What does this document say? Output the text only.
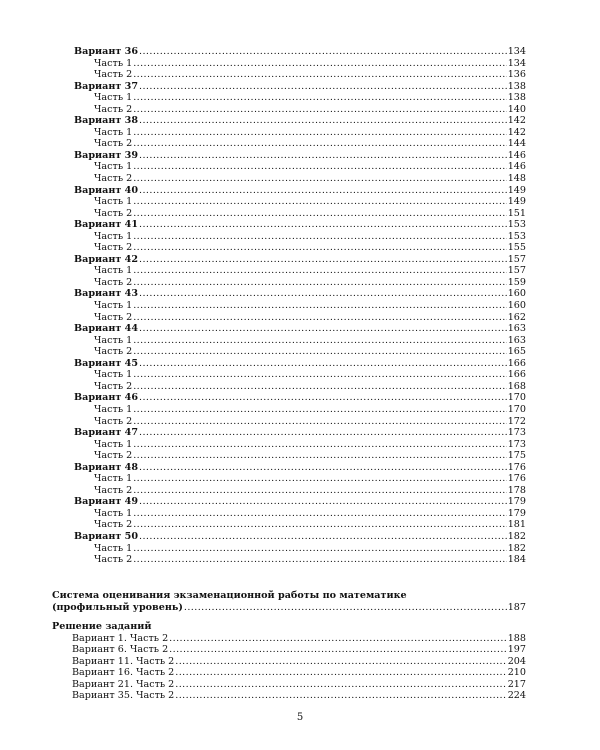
Вариант 36 .....	134
Часть 1 .....	134
Часть 2 .....	136
Вариант 37 .....	138
Часть 1 .....	138
Часть 2 .....	140
Вариант 38 .....	142
Часть 1 .....	142
Часть 2 .....	144
Вариант 39 .....	146
Часть 1 .....	146
Часть 2 .....	148
Вариант 40 .....	149
Часть 1 .....	149
Часть 2 .....	151
Вариант 41 .....	153
Часть 1 .....	153
Часть 2 .....	155
Вариант 42 .....	157
Часть 1 .....	157
Часть 2 .....	159
Вариант 43 .....	160
Часть 1 .....	160
Часть 2 .....	162
Вариант 44 .....	163
Часть 1 .....	163
Часть 2 .....	165
Вариант 45 .....	166
Часть 1 .....	166
Часть 2 .....	168
Вариант 46 .....	170
Часть 1 .....	170
Часть 2 .....	172
Вариант 47 .....	173
Часть 1 .....	173
Часть 2 .....	175
Вариант 48 .....	176
Часть 1 .....	176
Часть 2 .....	178
Вариант 49 .....	179
Часть 1 .....	179
Часть 2 .....	181
Вариант 50 .....	182
Часть 1 .....	182
Часть 2 .....	184
Система оценивания экзаменационной работы по математике
(профильный уровень) .....	187
Решение заданий
Вариант 1. Часть 2 .....	188
Вариант 6. Часть 2 .....	197
Вариант 11. Часть 2 .....	204
Вариант 16. Часть 2 .....	210
Вариант 21. Часть 2 .....	217
Вариант 35. Часть 2 .....	224
5
